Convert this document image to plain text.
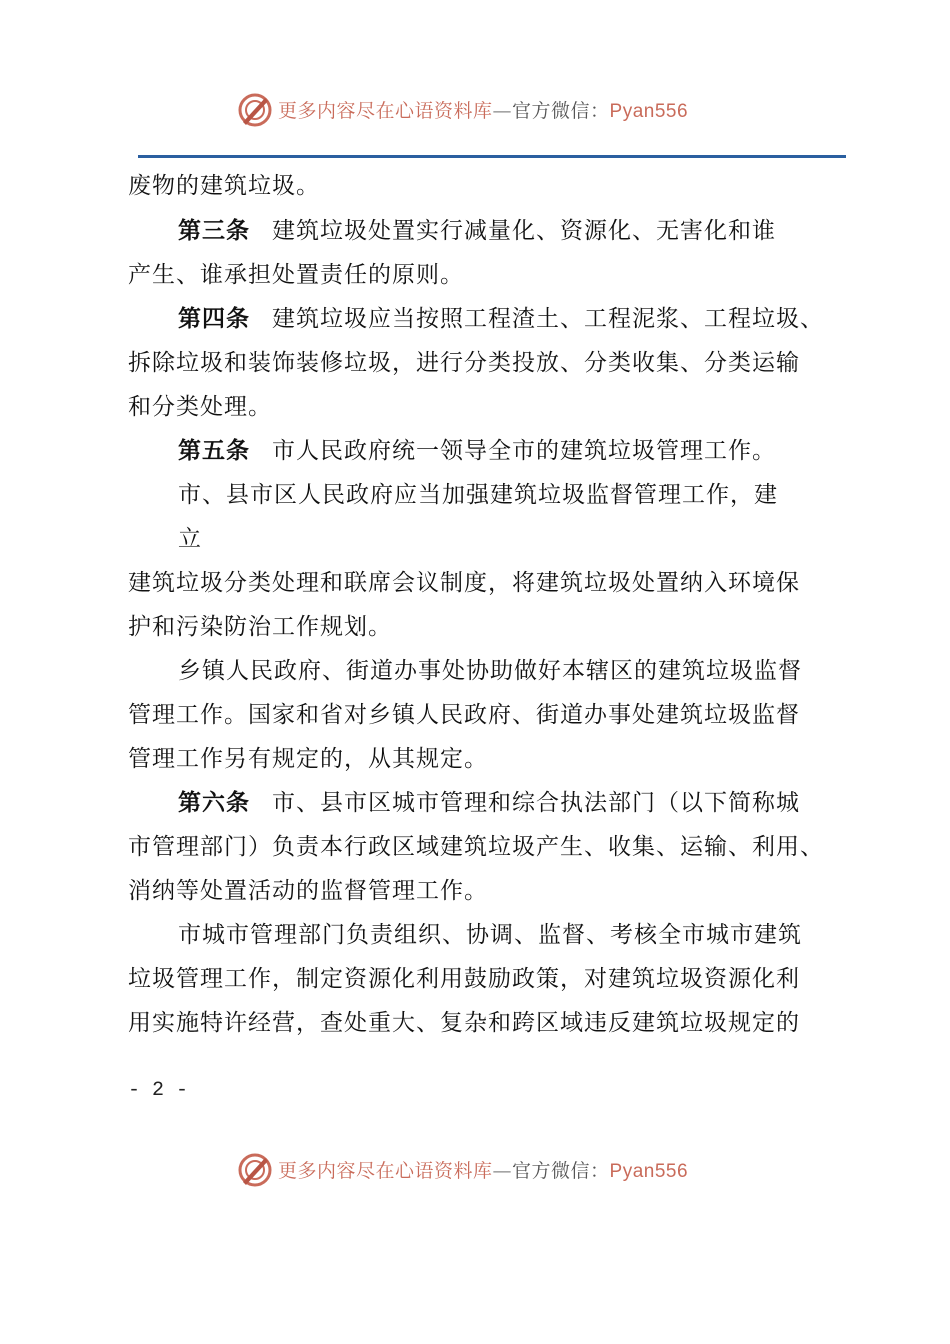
更多内容尽在心语资料库—官方微信：Pyan556
废物的建筑垃圾。
第三条 建筑垃圾处置实行减量化、资源化、无害化和谁
产生、谁承担处置责任的原则。
第四条 建筑垃圾应当按照工程渣土、工程泥浆、工程垃圾、
拆除垃圾和装饰装修垃圾，进行分类投放、分类收集、分类运输
和分类处理。
第五条 市人民政府统一领导全市的建筑垃圾管理工作。
市、县市区人民政府应当加强建筑垃圾监督管理工作，建
立
建筑垃圾分类处理和联席会议制度，将建筑垃圾处置纳入环境保
护和污染防治工作规划。
乡镇人民政府、街道办事处协助做好本辖区的建筑垃圾监督
管理工作。国家和省对乡镇人民政府、街道办事处建筑垃圾监督
管理工作另有规定的，从其规定。
第六条 市、县市区城市管理和综合执法部门（以下简称城
市管理部门）负责本行政区域建筑垃圾产生、收集、运输、利用、
消纳等处置活动的监督管理工作。
市城市管理部门负责组织、协调、监督、考核全市城市建筑
垃圾管理工作，制定资源化利用鼓励政策，对建筑垃圾资源化利
用实施特许经营，查处重大、复杂和跨区域违反建筑垃圾规定的
- 2 -
更多内容尽在心语资料库—官方微信：Pyan556
